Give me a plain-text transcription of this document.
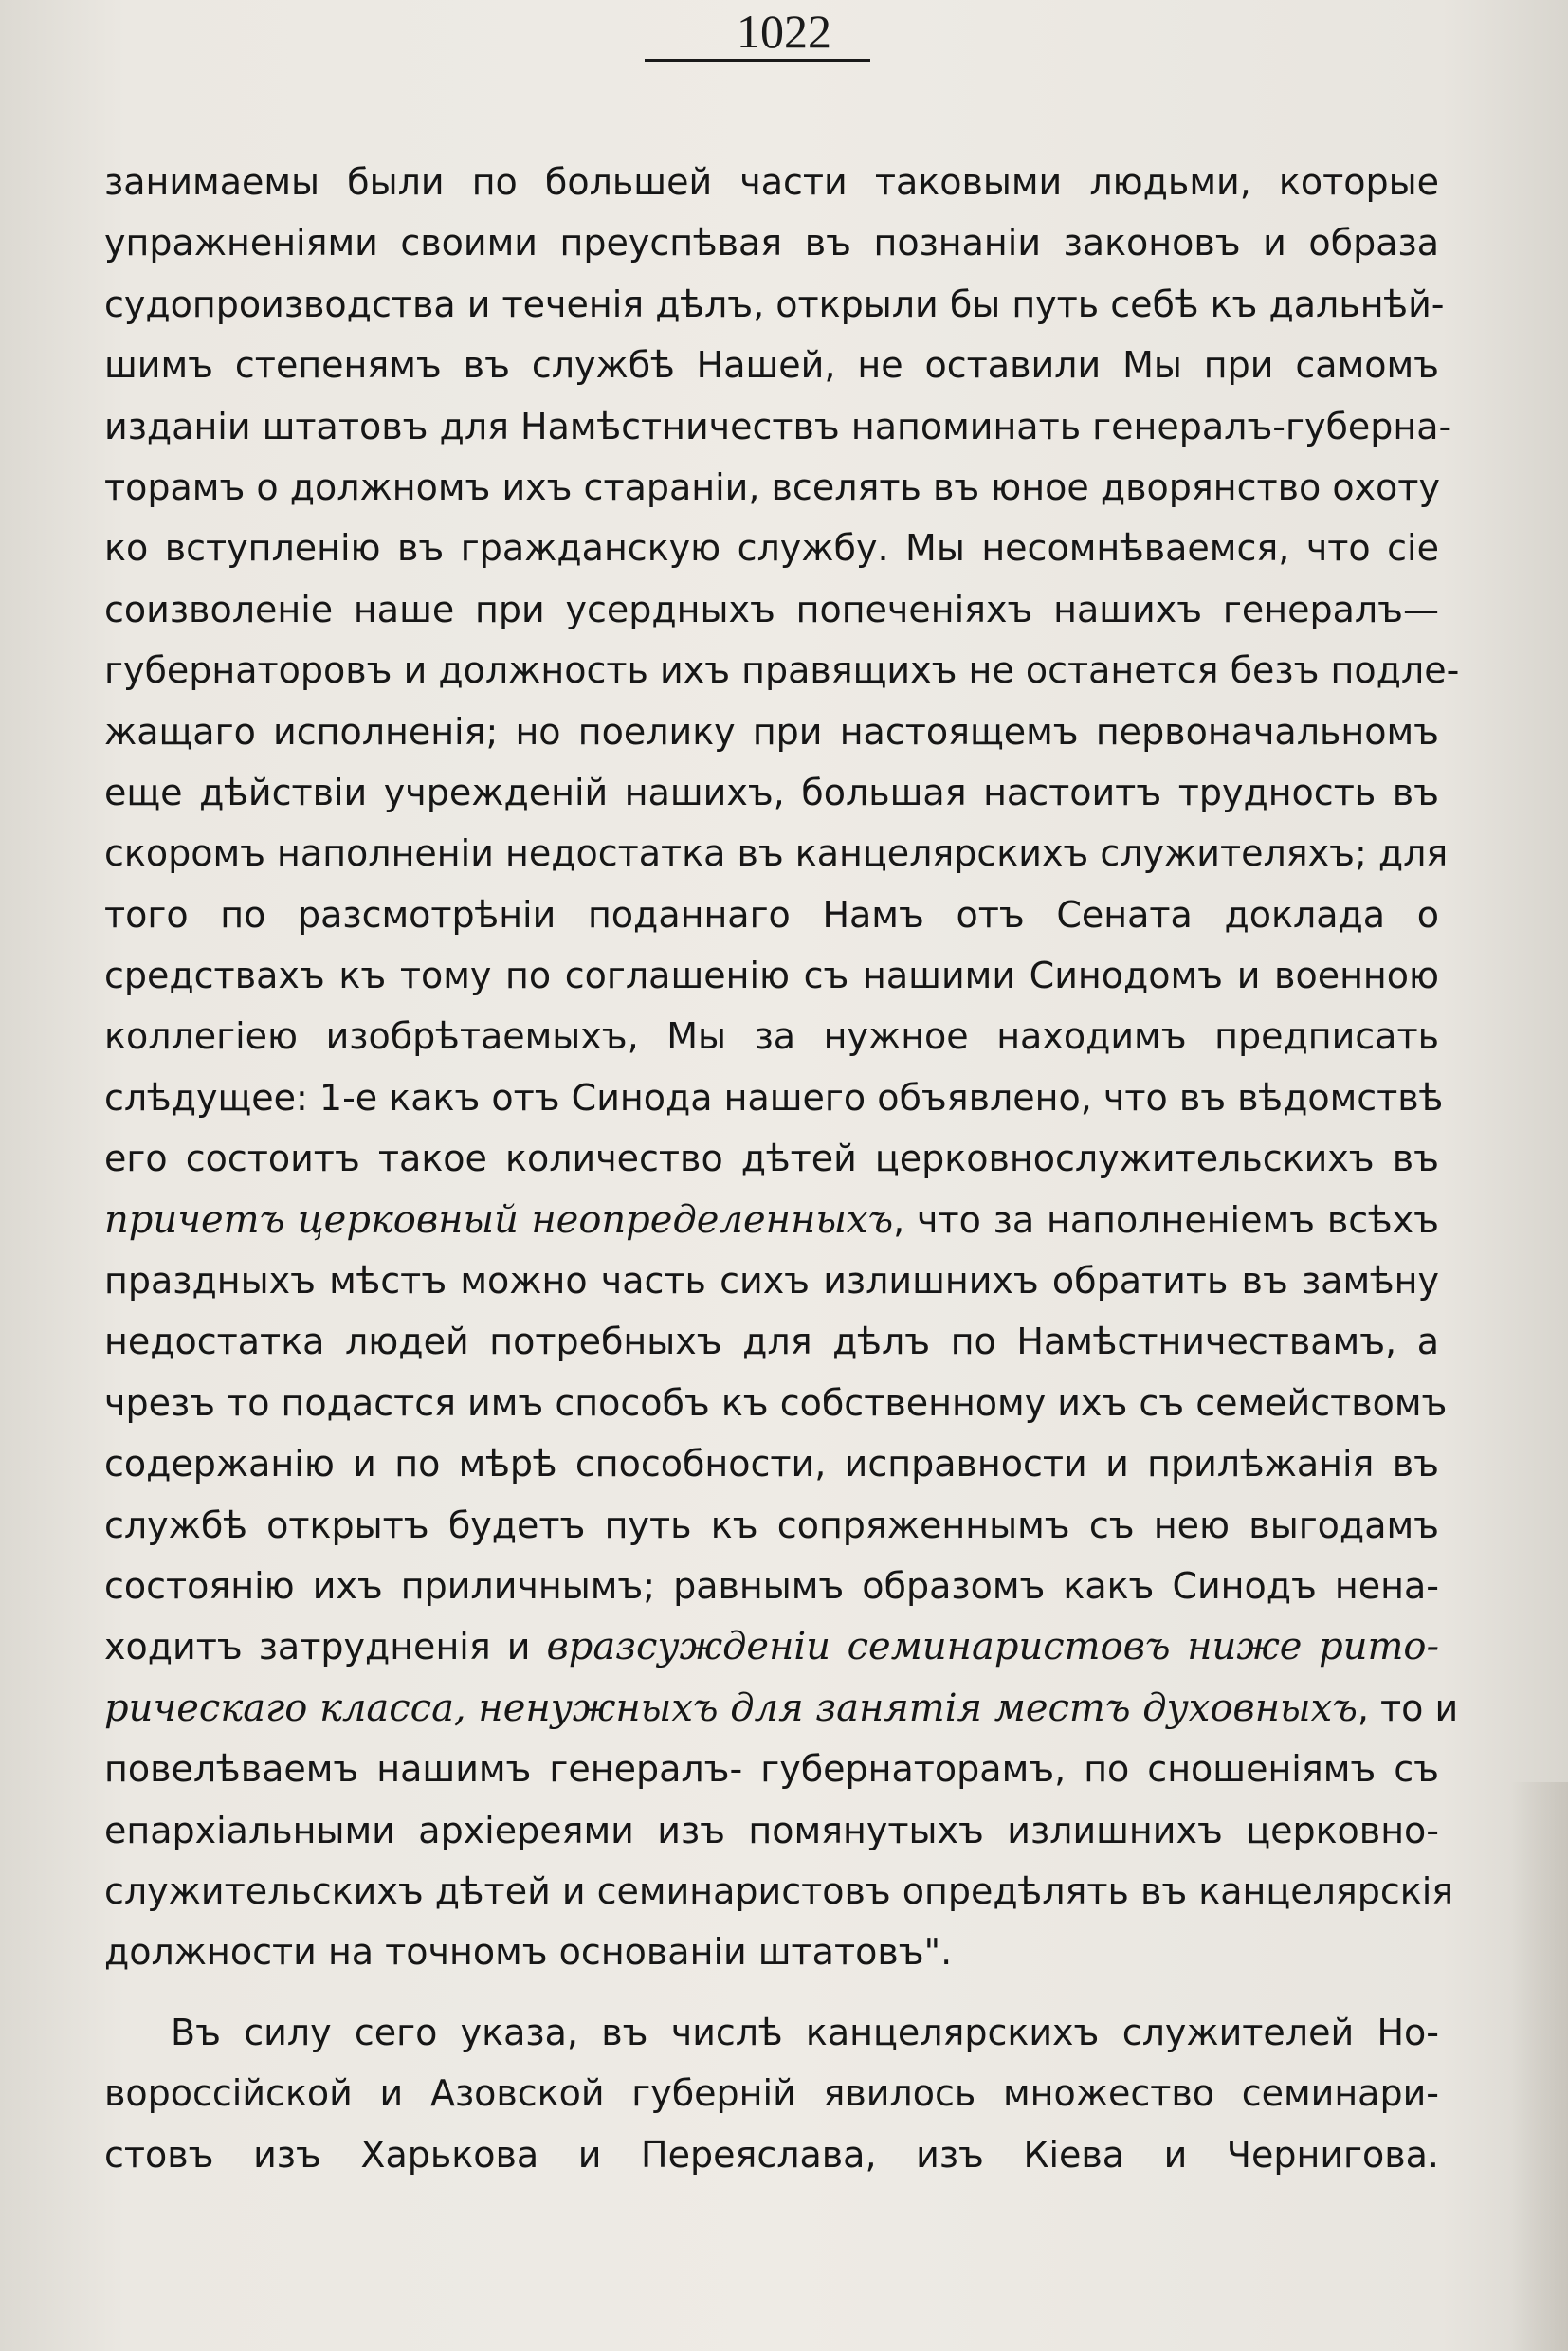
1022
занимаемы были по большей части таковыми людьми, которые
упражненiями своими преуспѣвая въ познанiи законовъ и образа
судопроизводства и теченiя дѣлъ, открыли бы путь себѣ къ дальнѣй-
шимъ степенямъ въ службѣ Нашей, не оставили Мы при самомъ
изданiи штатовъ для Намѣстничествъ напоминать генералъ-губерна-
торамъ о должномъ ихъ старанiи, вселять въ юное дворянство охоту
ко вступленiю въ гражданскую службу. Мы несомнѣваемся, что сiе
соизволенiе наше при усердныхъ попеченiяхъ нашихъ генералъ—
губернаторовъ и должность ихъ правящихъ не останется безъ подле-
жащаго исполненiя; но поелику при настоящемъ первоначальномъ
еще дѣйствiи учрежденiй нашихъ, большая настоитъ трудность въ
скоромъ наполненiи недостатка въ канцелярскихъ служителяхъ; для
того по разсмотрѣнiи поданнаго Намъ отъ Сената доклада о
средствахъ къ тому по соглашенiю съ нашими Синодомъ и военною
коллегiею изобрѣтаемыхъ, Мы за нужное находимъ предписать
слѣдущее: 1-е какъ отъ Синода нашего объявлено, что въ вѣдомствѣ
его состоитъ такое количество дѣтей церковнослужительскихъ въ
причетъ церковный неопределенныхъ, что за наполненiемъ всѣхъ
праздныхъ мѣстъ можно часть сихъ излишнихъ обратить въ замѣну
недостатка людей потребныхъ для дѣлъ по Намѣстничествамъ, а
чрезъ то подастся имъ способъ къ собственному ихъ съ семействомъ
содержанiю и по мѣрѣ способности, исправности и прилѣжанiя въ
службѣ открытъ будетъ путь къ сопряженнымъ съ нею выгодамъ
состоянiю ихъ приличнымъ; равнымъ образомъ какъ Синодъ нена-
ходитъ затрудненiя и вразсужденiи семинаристовъ ниже рито-
рическаго класса, ненужныхъ для занятiя местъ духовныхъ, то и
повелѣваемъ нашимъ генералъ- губернаторамъ, по сношенiямъ съ
епархiальными архiереями изъ помянутыхъ излишнихъ церковно-
служительскихъ дѣтей и семинаристовъ опредѣлять въ канцелярскiя
должности на точномъ основанiи штатовъ".
Въ силу сего указа, въ числѣ канцелярскихъ служителей Но-
вороссiйской и Азовской губернiй явилось множество семинари-
стовъ изъ Харькова и Переяслава, изъ Кiева и Чернигова.
